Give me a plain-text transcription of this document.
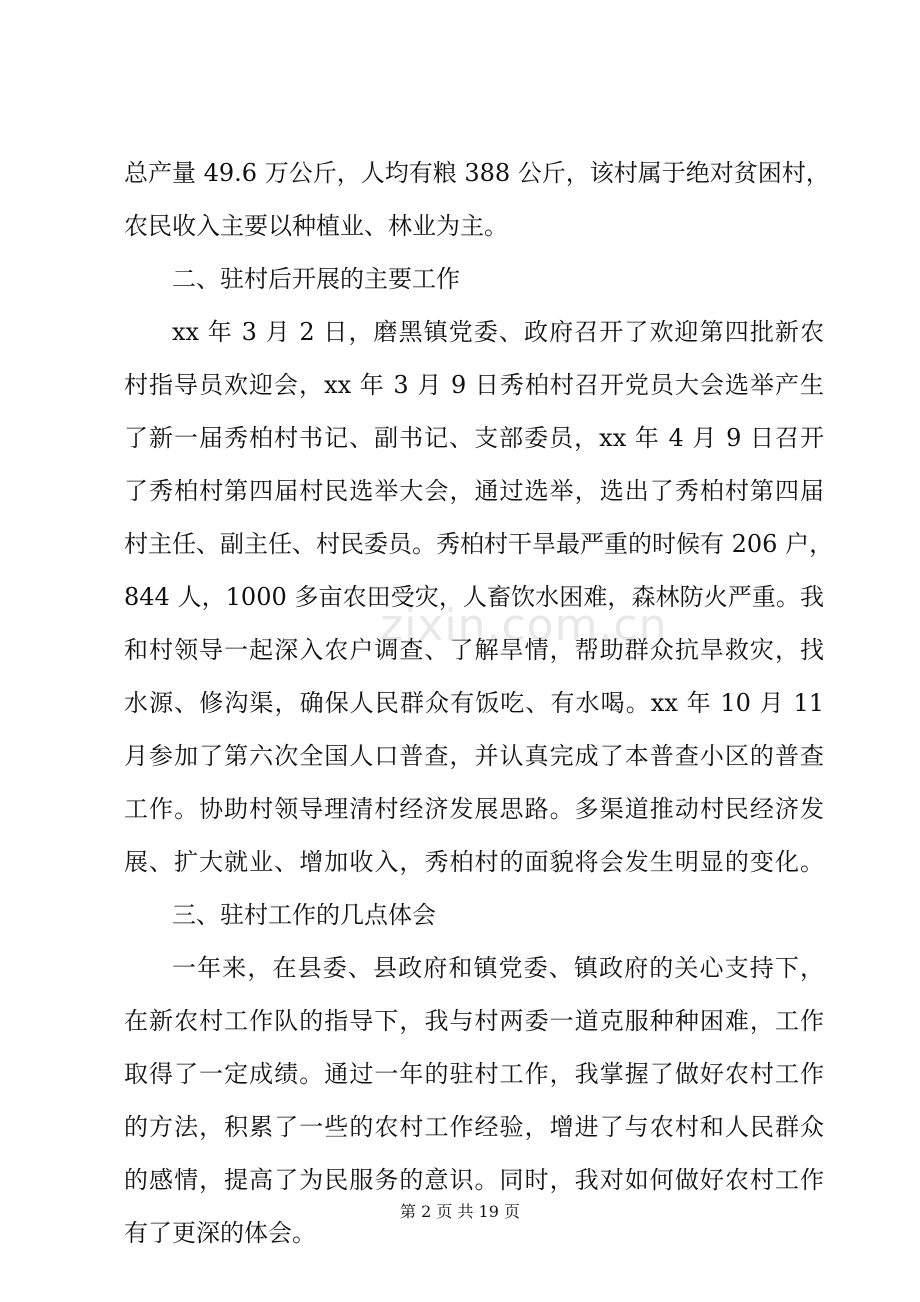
zixin.com.cn
总产量 49.6 万公斤，人均有粮 388 公斤，该村属于绝对贫困村，
农民收入主要以种植业、林业为主。
二、驻村后开展的主要工作
xx 年 3 月 2 日，磨黑镇党委、政府召开了欢迎第四批新农
村指导员欢迎会，xx 年 3 月 9 日秀柏村召开党员大会选举产生
了新一届秀柏村书记、副书记、支部委员，xx 年 4 月 9 日召开
了秀柏村第四届村民选举大会，通过选举，选出了秀柏村第四届
村主任、副主任、村民委员。秀柏村干旱最严重的时候有 206 户，
844 人，1000 多亩农田受灾，人畜饮水困难，森林防火严重。我
和村领导一起深入农户调查、了解旱情，帮助群众抗旱救灾，找
水源、修沟渠，确保人民群众有饭吃、有水喝。xx 年 10 月 11
月参加了第六次全国人口普查，并认真完成了本普查小区的普查
工作。协助村领导理清村经济发展思路。多渠道推动村民经济发
展、扩大就业、增加收入，秀柏村的面貌将会发生明显的变化。
三、驻村工作的几点体会
一年来，在县委、县政府和镇党委、镇政府的关心支持下，
在新农村工作队的指导下，我与村两委一道克服种种困难，工作
取得了一定成绩。通过一年的驻村工作，我掌握了做好农村工作
的方法，积累了一些的农村工作经验，增进了与农村和人民群众
的感情，提高了为民服务的意识。同时，我对如何做好农村工作
有了更深的体会。
第 2 页 共 19 页
